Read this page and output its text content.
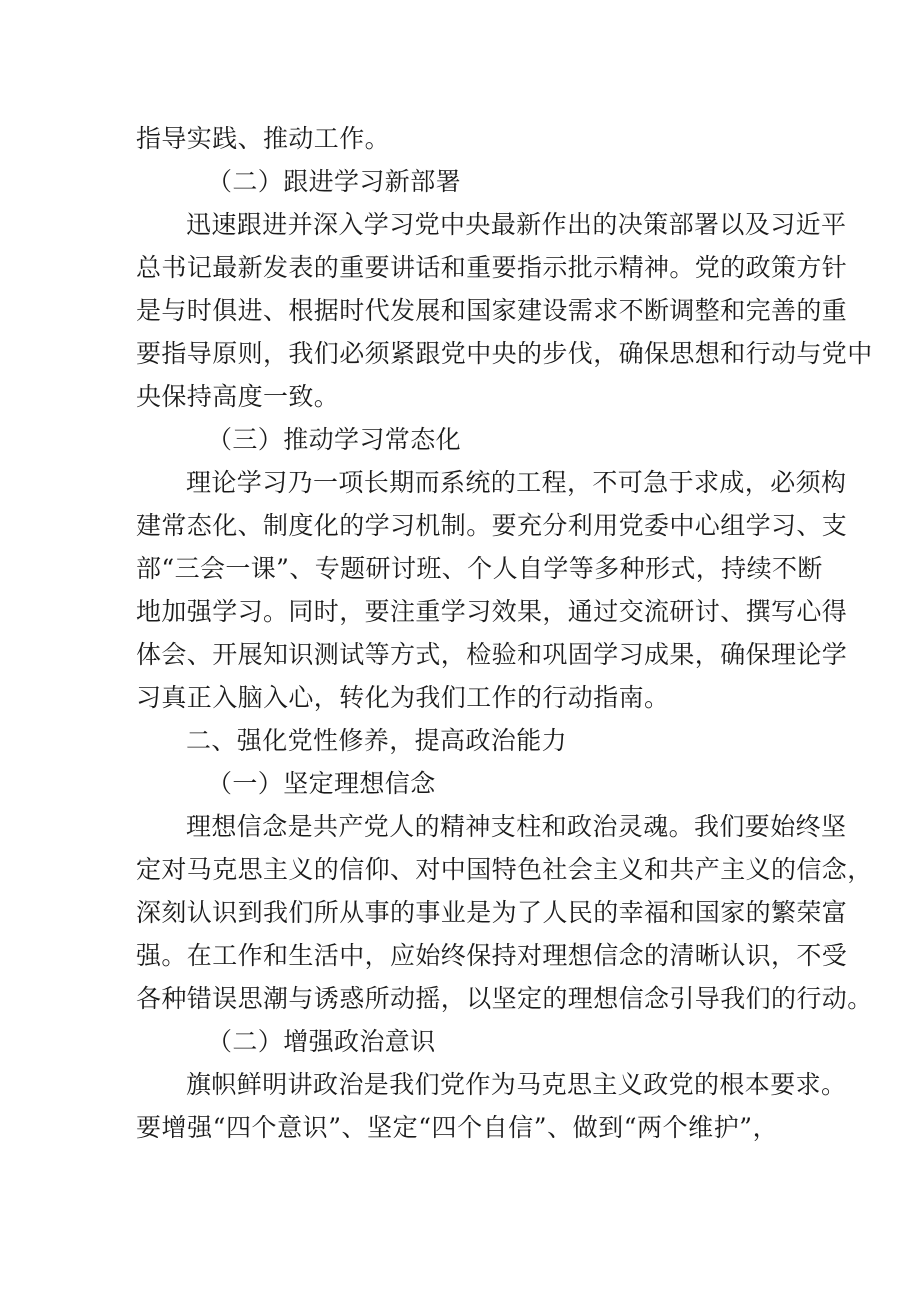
指导实践、推动工作。
（二）跟进学习新部署
迅速跟进并深入学习党中央最新作出的决策部署以及习近平
总书记最新发表的重要讲话和重要指示批示精神。党的政策方针
是与时俱进、根据时代发展和国家建设需求不断调整和完善的重
要指导原则，我们必须紧跟党中央的步伐，确保思想和行动与党中
央保持高度一致。
（三）推动学习常态化
理论学习乃一项长期而系统的工程，不可急于求成，必须构
建常态化、制度化的学习机制。要充分利用党委中心组学习、支
部“三会一课”、专题研讨班、个人自学等多种形式，持续不断
地加强学习。同时，要注重学习效果，通过交流研讨、撰写心得
体会、开展知识测试等方式，检验和巩固学习成果，确保理论学
习真正入脑入心，转化为我们工作的行动指南。
二、强化党性修养，提高政治能力
（一）坚定理想信念
理想信念是共产党人的精神支柱和政治灵魂。我们要始终坚
定对马克思主义的信仰、对中国特色社会主义和共产主义的信念，
深刻认识到我们所从事的事业是为了人民的幸福和国家的繁荣富
强。在工作和生活中，应始终保持对理想信念的清晰认识，不受
各种错误思潮与诱惑所动摇，以坚定的理想信念引导我们的行动。
（二）增强政治意识
旗帜鲜明讲政治是我们党作为马克思主义政党的根本要求。
要增强“四个意识”、坚定“四个自信”、做到“两个维护”，
